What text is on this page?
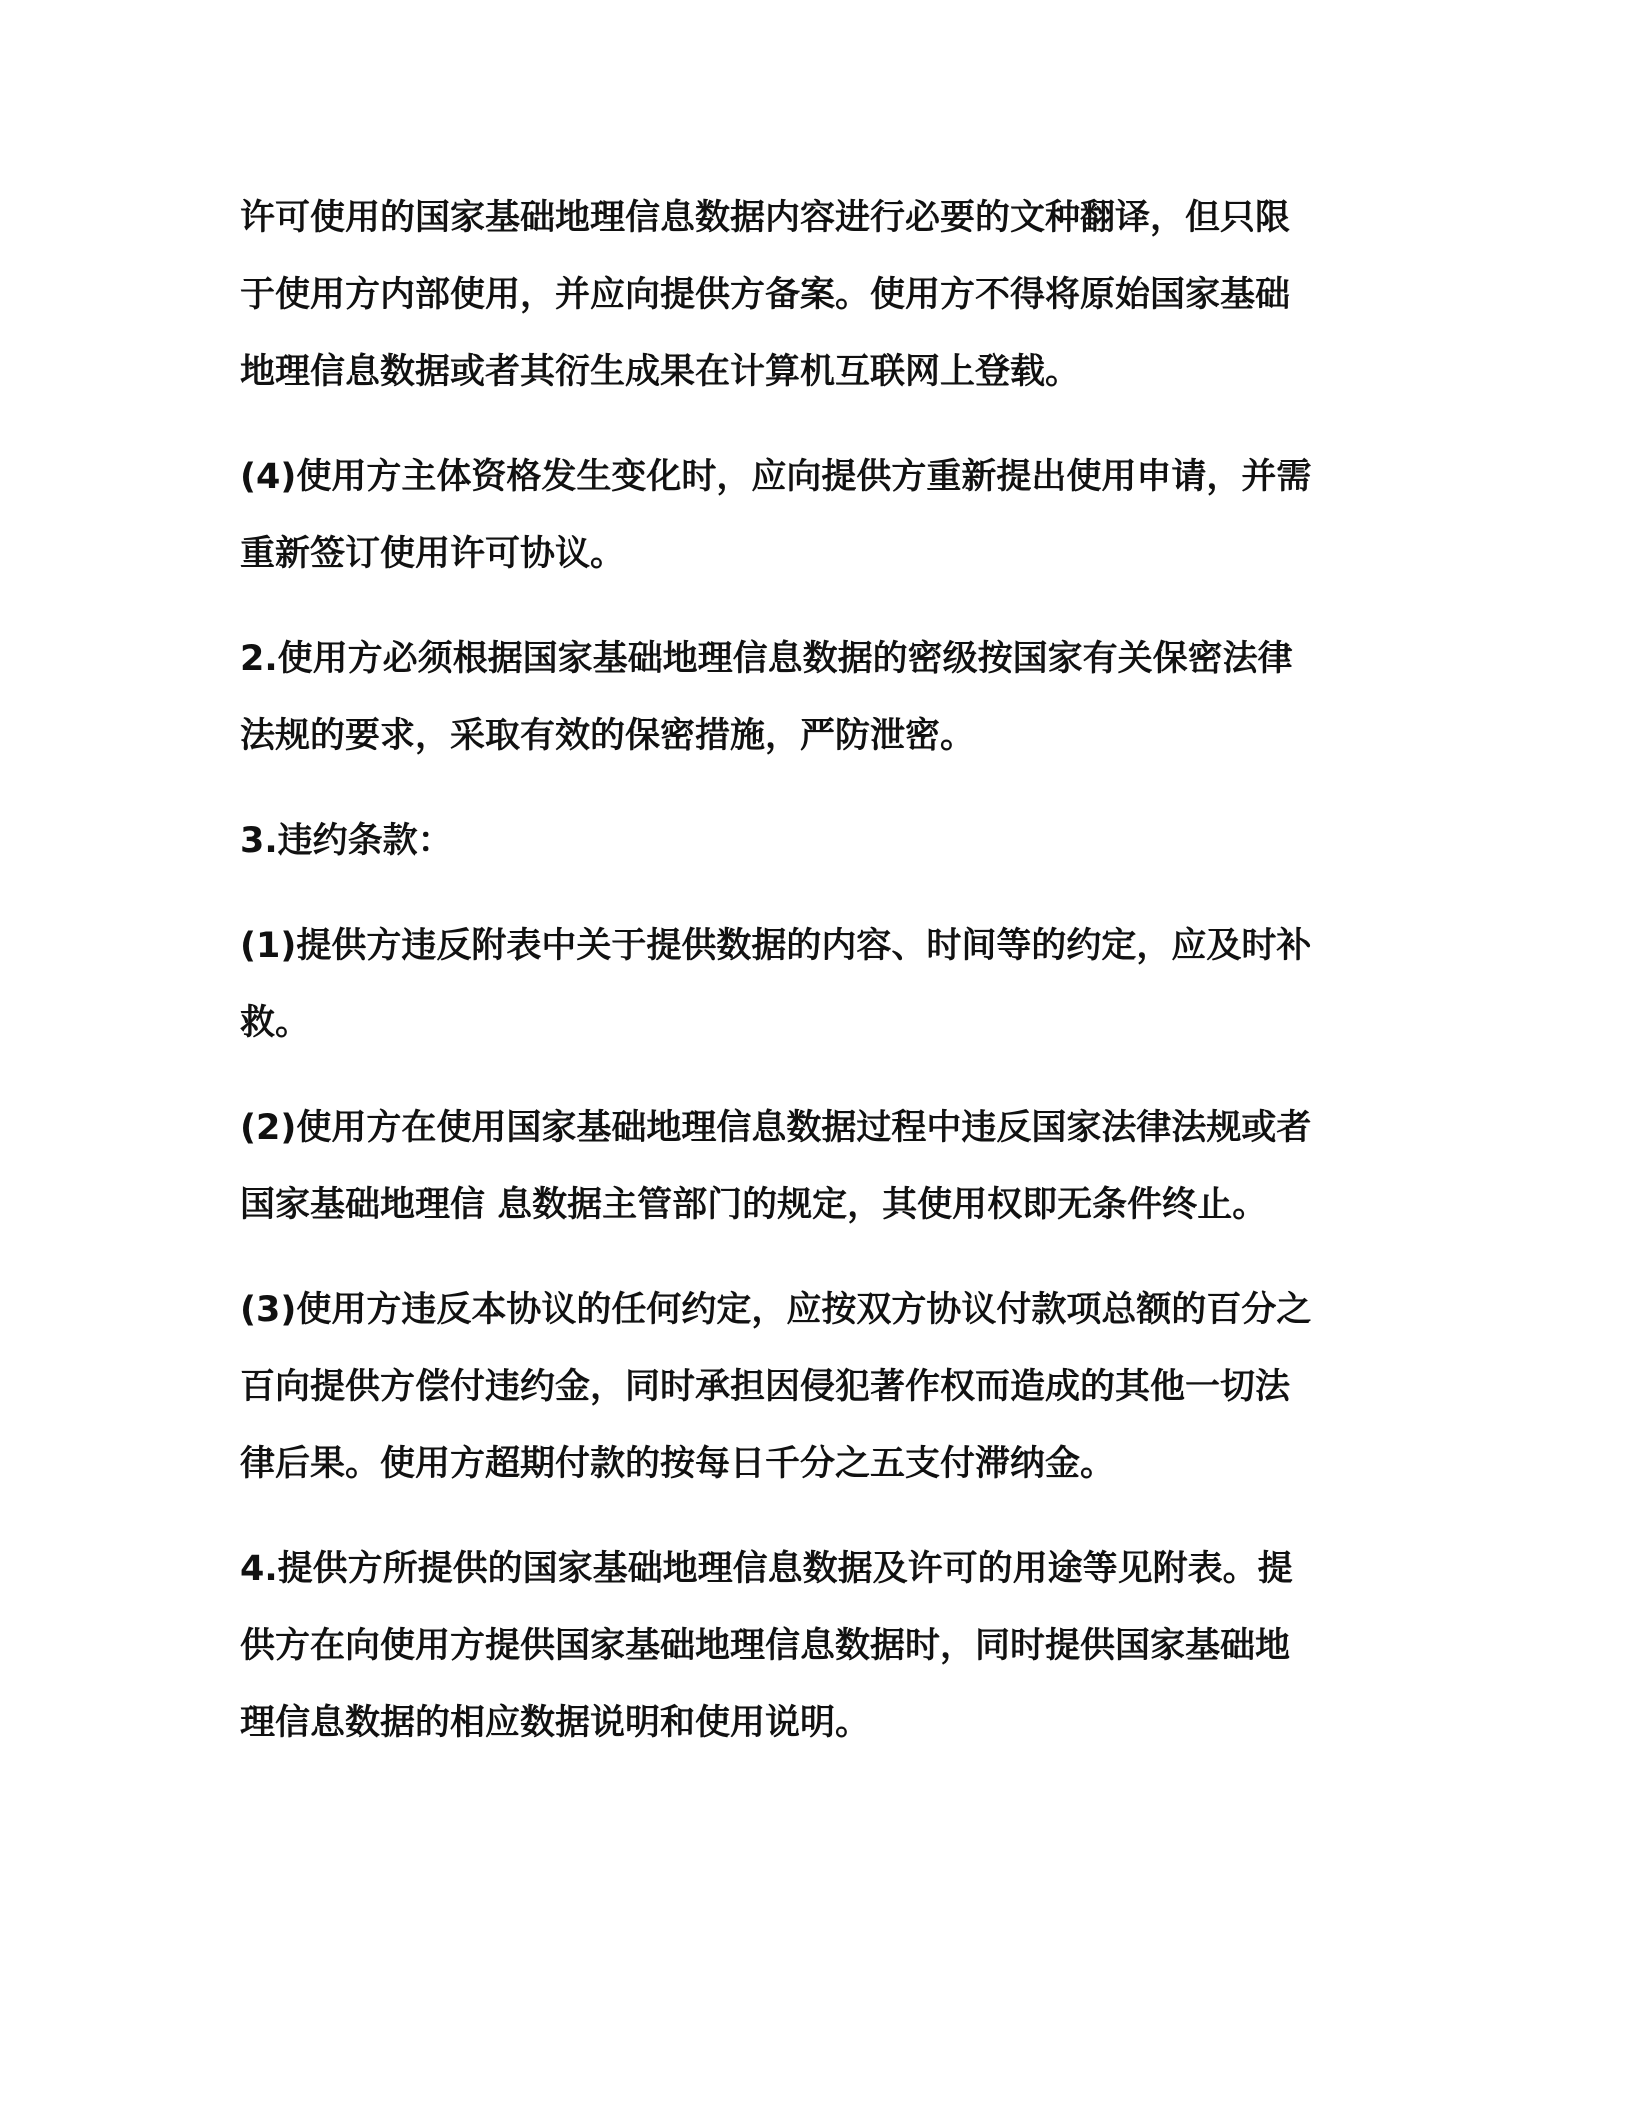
许可使用的国家基础地理信息数据内容进行必要的文种翻译，但只限
于使用方内部使用，并应向提供方备案。使用方不得将原始国家基础
地理信息数据或者其衍生成果在计算机互联网上登载。
(4)使用方主体资格发生变化时，应向提供方重新提出使用申请，并需
重新签订使用许可协议。
2.使用方必须根据国家基础地理信息数据的密级按国家有关保密法律
法规的要求，采取有效的保密措施，严防泄密。
3.违约条款：
(1)提供方违反附表中关于提供数据的内容、时间等的约定，应及时补
救。
(2)使用方在使用国家基础地理信息数据过程中违反国家法律法规或者
国家基础地理信 息数据主管部门的规定，其使用权即无条件终止。
(3)使用方违反本协议的任何约定，应按双方协议付款项总额的百分之
百向提供方偿付违约金，同时承担因侵犯著作权而造成的其他一切法
律后果。使用方超期付款的按每日千分之五支付滞纳金。
4.提供方所提供的国家基础地理信息数据及许可的用途等见附表。提
供方在向使用方提供国家基础地理信息数据时，同时提供国家基础地
理信息数据的相应数据说明和使用说明。
